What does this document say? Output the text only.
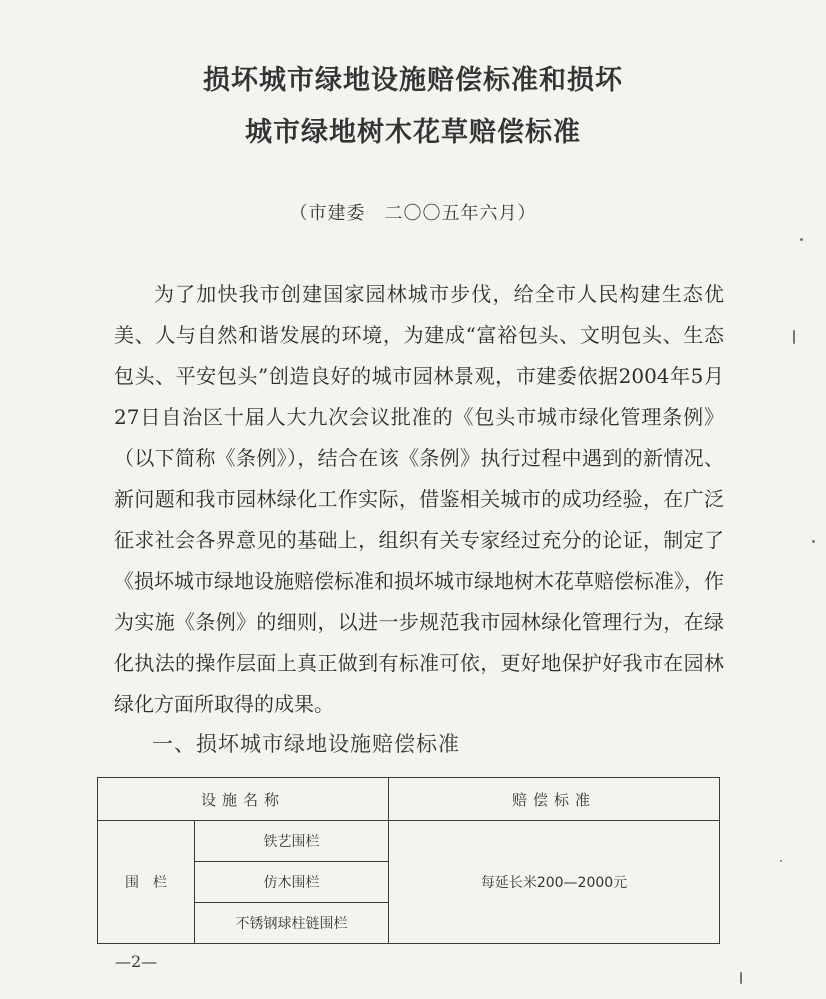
损坏城市绿地设施赔偿标准和损坏
城市绿地树木花草赔偿标准
（市建委　二〇〇五年六月）

为了加快我市创建国家园林城市步伐，给全市人民构建生态优美、人与自然和谐发展的环境，为建成“富裕包头、文明包头、生态包头、平安包头”创造良好的城市园林景观，市建委依据2004年5月27日自治区十届人大九次会议批准的《包头市城市绿化管理条例》（以下简称《条例》），结合在该《条例》执行过程中遇到的新情况、新问题和我市园林绿化工作实际，借鉴相关城市的成功经验，在广泛征求社会各界意见的基础上，组织有关专家经过充分的论证，制定了《损坏城市绿地设施赔偿标准和损坏城市绿地树木花草赔偿标准》，作为实施《条例》的细则，以进一步规范我市园林绿化管理行为，在绿化执法的操作层面上真正做到有标准可依，更好地保护好我市在园林绿化方面所取得的成果。

一、损坏城市绿地设施赔偿标准
设施名称		赔偿标准
围　栏	铁艺围栏	每延长米200—2000元
	仿木围栏	
	不锈钢球柱链围栏	
—2—
